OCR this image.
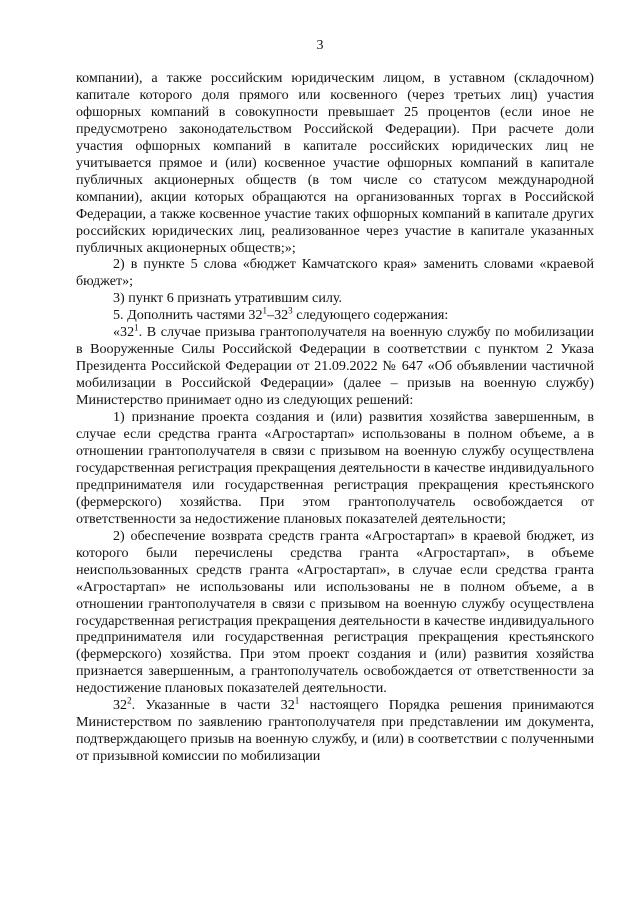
3

компании), а также российским юридическим лицом, в уставном (складочном) капитале которого доля прямого или косвенного (через третьих лиц) участия офшорных компаний в совокупности превышает 25 процентов (если иное не предусмотрено законодательством Российской Федерации). При расчете доли участия офшорных компаний в капитале российских юридических лиц не учитывается прямое и (или) косвенное участие офшорных компаний в капитале публичных акционерных обществ (в том числе со статусом международной компании), акции которых обращаются на организованных торгах в Российской Федерации, а также косвенное участие таких офшорных компаний в капитале других российских юридических лиц, реализованное через участие в капитале указанных публичных акционерных обществ;»;

2) в пункте 5 слова «бюджет Камчатского края» заменить словами «краевой бюджет»;

3) пункт 6 признать утратившим силу.

5. Дополнить частями $32^1-32^3$ следующего содержания:

«$32^1$. В случае призыва грантополучателя на военную службу по мобилизации в Вооруженные Силы Российской Федерации в соответствии с пунктом 2 Указа Президента Российской Федерации от 21.09.2022 № 647 «Об объявлении частичной мобилизации в Российской Федерации» (далее – призыв на военную службу) Министерство принимает одно из следующих решений:

1) признание проекта создания и (или) развития хозяйства завершенным, в случае если средства гранта «Агростартап» использованы в полном объеме, а в отношении грантополучателя в связи с призывом на военную службу осуществлена государственная регистрация прекращения деятельности в качестве индивидуального предпринимателя или государственная регистрация прекращения крестьянского (фермерского) хозяйства. При этом грантополучатель освобождается от ответственности за недостижение плановых показателей деятельности;

2) обеспечение возврата средств гранта «Агростартап» в краевой бюджет, из которого были перечислены средства гранта «Агростартап», в объеме неиспользованных средств гранта «Агростартап», в случае если средства гранта «Агростартап» не использованы или использованы не в полном объеме, а в отношении грантополучателя в связи с призывом на военную службу осуществлена государственная регистрация прекращения деятельности в качестве индивидуального предпринимателя или государственная регистрация прекращения крестьянского (фермерского) хозяйства. При этом проект создания и (или) развития хозяйства признается завершенным, а грантополучатель освобождается от ответственности за недостижение плановых показателей деятельности.

$32^2$. Указанные в части $32^1$ настоящего Порядка решения принимаются Министерством по заявлению грантополучателя при представлении им документа, подтверждающего призыв на военную службу, и (или) в соответствии с полученными от призывной комиссии по мобилизации
